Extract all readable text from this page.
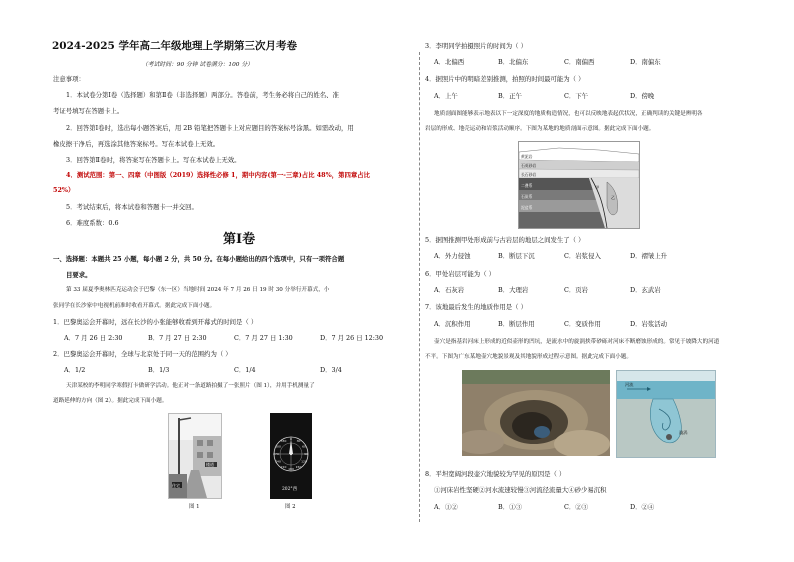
2024-2025 学年高二年级地理上学期第三次月考卷
（考试时间：90 分钟 试卷满分：100 分）
注意事项：
1．本试卷分第Ⅰ卷（选择题）和第Ⅱ卷（非选择题）两部分。答卷前，考生务必将自己的姓名、准
考证号填写在答题卡上。
2．回答第Ⅰ卷时，选出每小题答案后，用 2B 铅笔把答题卡上对应题目的答案标号涂黑。如需改动，用
橡皮擦干净后，再选涂其他答案标号。写在本试卷上无效。
3．回答第Ⅱ卷时，将答案写在答题卡上。写在本试卷上无效。
4．测试范围：第一、四章（中图版（2019）选择性必修 1，期中内容(第一-三章)占比 48%，第四章占比
52%）
5．考试结束后，将本试卷和答题卡一并交回。
6．难度系数：0.6
第Ⅰ卷
一、选择题：本题共 25 小题，每小题 2 分，共 50 分。在每小题给出的四个选项中，只有一项符合题
目要求。
第 33 届夏季奥林匹克运动会于巴黎（东一区）当地时间 2024 年 7 月 26 日 19 时 30 分举行开幕式，小
张同学在长沙家中电视机前准时收看开幕式。据此完成下面小题。
1．巴黎奥运会开幕时，远在长沙的小张能够收看到开幕式的时间是（ ）
A．7 月 26 日 2:30	B．7 月 27 日 2:30	C．7 月 27 日 1:30	D．7 月 26 日 12:30
2．巴黎奥运会开幕时，全球与北京处于同一天的范围约为（ ）
A．1/2	B．1/3	C．1/4	D．3/4
天津某校的李明同学寒假打卡做研学活动。他正对一条道路拍摄了一张照片（图 1），并用手机测量了
道路延伸的方向（图 2）。据此完成下面小题。
楼道
住宅
图 1
300
330 0 30
60
90
120
150
180
210
240
270
202°西
图 2
3．李明同学拍摄照片的时间为（ ）
A．北偏西	B．北偏东	C．南偏西	D．南偏东
4．据照片中的明暗差别推测，拍照的时间最可能为（ ）
A．上午	B．正午	C．下午	D．傍晚
地质剖面图能够表示地表以下一定深度的地质构造情况，也可以反映地表起伏状况，正确判读的关键是辨明各
岩层的形成、地壳运动和岩浆活动顺序。下图为某地的地质剖面示意图。据此完成下面小题。
黄泥岩
石英砂岩
长石砂岩
二叠系
石炭系
泥盆系
甲
乙
5．据图推测甲处形成前与古岩层的地层之间发生了（ ）
A．外力侵蚀	B．断层下沉	C．岩浆侵入	D．褶皱上升
6．甲处岩层可能为（ ）
A．石灰岩	B．大理岩	C．页岩	D．玄武岩
7．该地最后发生的地质作用是（ ）
A．沉积作用	B．断层作用	C．变质作用	D．岩浆活动
壶穴是指基岩河床上形成的近似壶形的凹坑，是流水中的旋涡挟带砂砾对河床不断磨蚀形成的。常见于坡降大的河道
不平。下图为广东某地壶穴地貌景观及其地貌形成过程示意图。据此完成下面小题。
河流
漩涡
8．平坦宽阔河段壶穴地貌较为罕见的原因是（ ）
①河床岩性坚硬②河水流速较慢③河流径流量大④砂少易沉积
A．①②	B．①③	C．②③	D．②④
